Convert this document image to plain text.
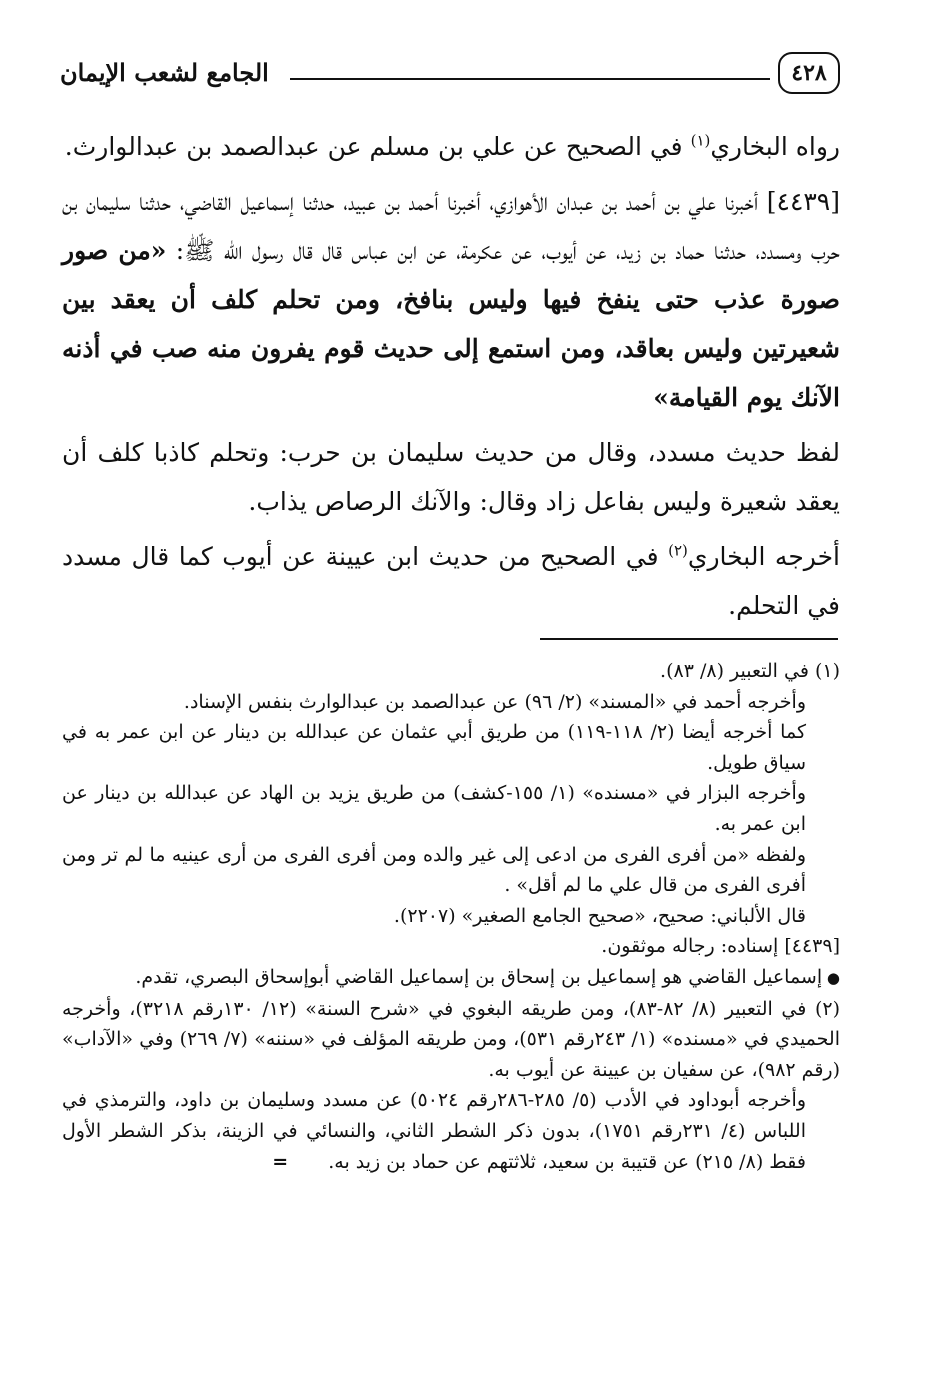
الجامع لشعب الإيمان	٤٢٨

رواه البخاري$^{(١)}$ في الصحيح عن علي بن مسلم عن عبدالصمد بن عبدالوارث.

[٤٤٣٩] أخبرنا علي بن أحمد بن عبدان الأهوازي، أخبرنا أحمد بن عبيد، حدثنا إسماعيل القاضي، حدثنا سليمان بن حرب ومسدد، حدثنا حماد بن زيد، عن أيوب، عن عكرمة، عن ابن عباس قال قال رسول الله ﷺ: «من صور صورة عذب حتى ينفخ فيها وليس بنافخ، ومن تحلم كلف أن يعقد بين شعيرتين وليس بعاقد، ومن استمع إلى حديث قوم يفرون منه صب في أذنه الآنك يوم القيامة»

لفظ حديث مسدد، وقال من حديث سليمان بن حرب: وتحلم كاذبا كلف أن يعقد شعيرة وليس بفاعل زاد وقال: والآنك الرصاص يذاب.

أخرجه البخاري$^{(٢)}$ في الصحيح من حديث ابن عيينة عن أيوب كما قال مسدد في التحلم.

(١) في التعبير (٨/ ٨٣).

وأخرجه أحمد في «المسند» (٢/ ٩٦) عن عبدالصمد بن عبدالوارث بنفس الإسناد.

كما أخرجه أيضا (٢/ ١١٨-١١٩) من طريق أبي عثمان عن عبدالله بن دينار عن ابن عمر به في سياق طويل.

وأخرجه البزار في «مسنده» (١/ ١٥٥-كشف) من طريق يزيد بن الهاد عن عبدالله بن دينار عن ابن عمر به.

ولفظه «من أفرى الفرى من ادعى إلى غير والده ومن أفرى الفرى من أرى عينيه ما لم تر ومن أفرى الفرى من قال علي ما لم أقل» .

قال الألباني: صحيح، «صحيح الجامع الصغير» (٢٢٠٧).

[٤٤٣٩] إسناده: رجاله موثقون.

● إسماعيل القاضي هو إسماعيل بن إسحاق بن إسماعيل القاضي أبوإسحاق البصري، تقدم.

(٢) في التعبير (٨/ ٨٢-٨٣)، ومن طريقه البغوي في «شرح السنة» (١٢/ ١٣٠رقم ٣٢١٨)، وأخرجه الحميدي في «مسنده» (١/ ٢٤٣رقم ٥٣١)، ومن طريقه المؤلف في «سننه» (٧/ ٢٦٩) وفي «الآداب» (رقم ٩٨٢)، عن سفيان بن عيينة عن أيوب به.

وأخرجه أبوداود في الأدب (٥/ ٢٨٥-٢٨٦رقم ٥٠٢٤) عن مسدد وسليمان بن داود، والترمذي في اللباس (٤/ ٢٣١رقم ١٧٥١)، بدون ذكر الشطر الثاني، والنسائي في الزينة، بذكر الشطر الأول فقط (٨/ ٢١٥) عن قتيبة بن سعيد، ثلاثتهم عن حماد بن زيد به.=
